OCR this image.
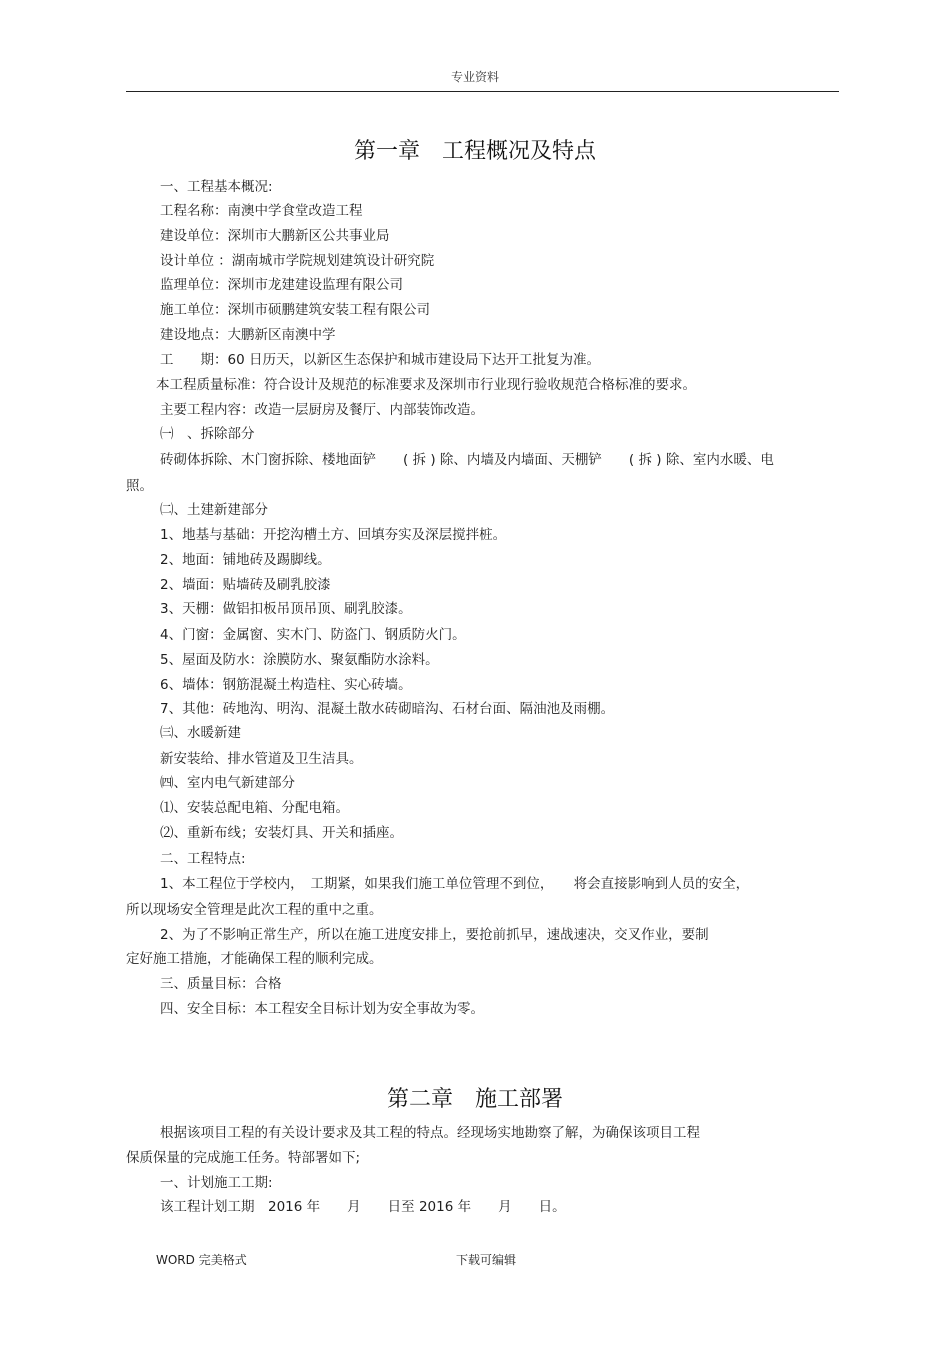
专业资料
第一章　工程概况及特点
一、工程基本概况:
工程名称：南澳中学食堂改造工程
建设单位：深圳市大鹏新区公共事业局
设计单位 ：湖南城市学院规划建筑设计研究院
监理单位：深圳市龙建建设监理有限公司
施工单位：深圳市硕鹏建筑安装工程有限公司
建设地点：大鹏新区南澳中学
工　　期：60 日历天，以新区生态保护和城市建设局下达开工批复为准。
本工程质量标准：符合设计及规范的标准要求及深圳市行业现行验收规范合格标准的要求。
主要工程内容：改造一层厨房及餐厅、内部装饰改造。
㈠　、拆除部分
砖砌体拆除、木门窗拆除、楼地面铲　　( 拆 ) 除、内墙及内墙面、天棚铲　　( 拆 ) 除、室内水暖、电
照。
㈡、土建新建部分
1、地基与基础：开挖沟槽土方、回填夯实及深层搅拌桩。
2、地面：铺地砖及踢脚线。
2、墙面：贴墙砖及刷乳胶漆
3、天棚：做铝扣板吊顶吊顶、刷乳胶漆。
4、门窗：金属窗、实木门、防盗门、钢质防火门。
5、屋面及防水：涂膜防水、聚氨酯防水涂料。
6、墙体：钢筋混凝土构造柱、实心砖墙。
7、其他：砖地沟、明沟、混凝土散水砖砌暗沟、石材台面、隔油池及雨棚。
㈢、水暖新建
新安装给、排水管道及卫生洁具。
㈣、室内电气新建部分
⑴、安装总配电箱、分配电箱。
⑵、重新布线；安装灯具、开关和插座。
二、工程特点:
1、本工程位于学校内，　工期紧，如果我们施工单位管理不到位，　　将会直接影响到人员的安全，
所以现场安全管理是此次工程的重中之重。
2、为了不影响正常生产，所以在施工进度安排上，要抢前抓早，速战速决，交叉作业，要制
定好施工措施，才能确保工程的顺利完成。
三、质量目标：合格
四、安全目标：本工程安全目标计划为安全事故为零。
第二章　施工部署
根据该项目工程的有关设计要求及其工程的特点。经现场实地勘察了解，为确保该项目工程
保质保量的完成施工任务。特部署如下;
一、计划施工工期:
该工程计划工期　2016 年　　月　　日至 2016 年　　月　　日。
WORD 完美格式	下载可编辑
